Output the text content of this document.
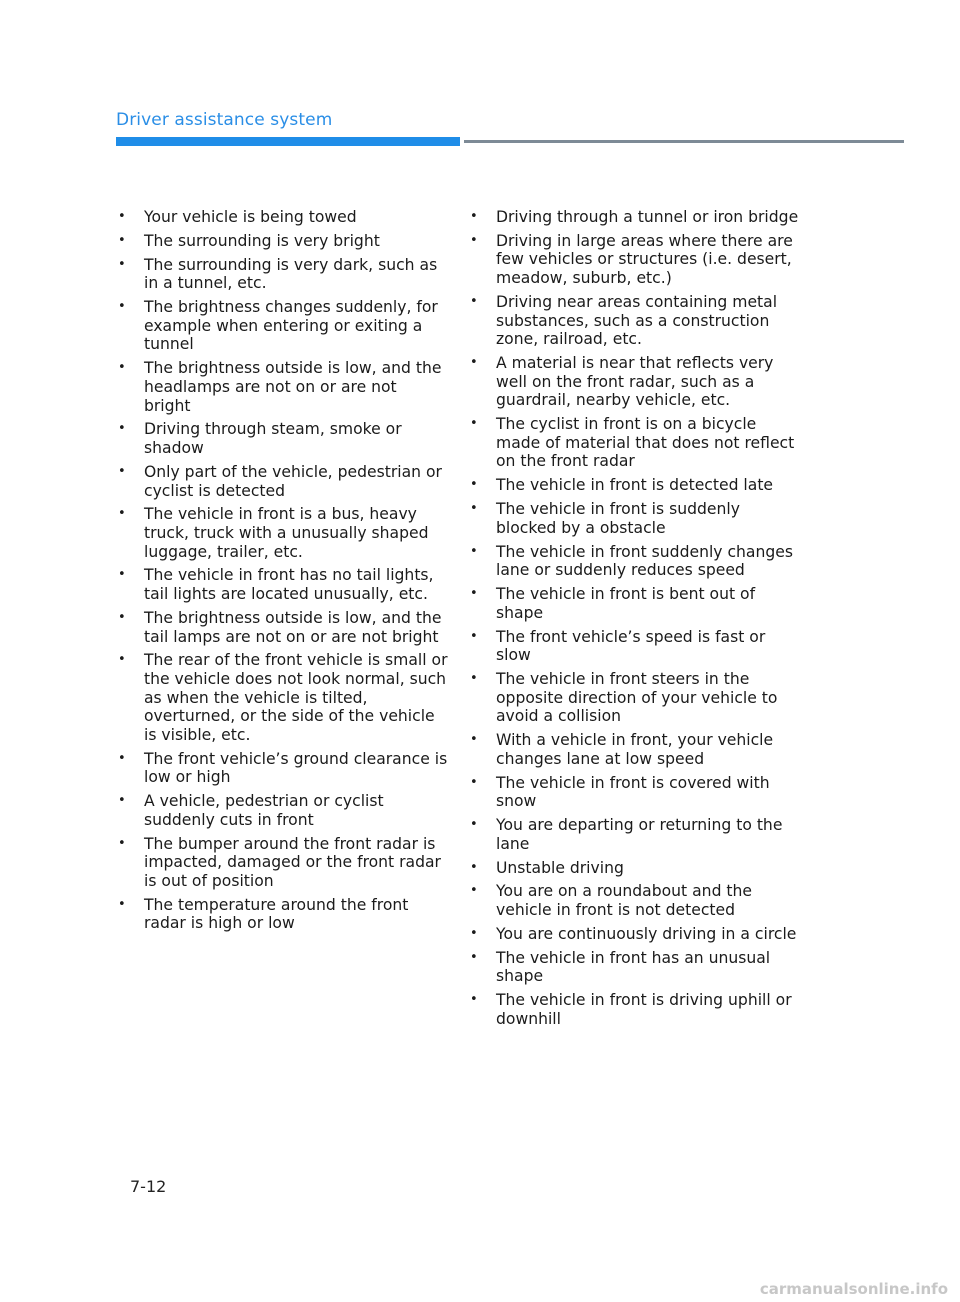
Driver assistance system
•	Your vehicle is being towed
•	The surrounding is very bright
•	The surrounding is very dark, such as in a tunnel, etc.
•	The brightness changes suddenly, for example when entering or exiting a tunnel
•	The brightness outside is low, and the headlamps are not on or are not bright
•	Driving through steam, smoke or shadow
•	Only part of the vehicle, pedestrian or cyclist is detected
•	The vehicle in front is a bus, heavy truck, truck with a unusually shaped luggage, trailer, etc.
•	The vehicle in front has no tail lights, tail lights are located unusually, etc.
•	The brightness outside is low, and the tail lamps are not on or are not bright
•	The rear of the front vehicle is small or the vehicle does not look normal, such as when the vehicle is tilted, overturned, or the side of the vehicle is visible, etc.
•	The front vehicle’s ground clearance is low or high
•	A vehicle, pedestrian or cyclist suddenly cuts in front
•	The bumper around the front radar is impacted, damaged or the front radar is out of position
•	The temperature around the front radar is high or low
•	Driving through a tunnel or iron bridge
•	Driving in large areas where there are few vehicles or structures (i.e. desert, meadow, suburb, etc.)
•	Driving near areas containing metal substances, such as a construction zone, railroad, etc.
•	A material is near that reflects very well on the front radar, such as a guardrail, nearby vehicle, etc.
•	The cyclist in front is on a bicycle made of material that does not reflect on the front radar
•	The vehicle in front is detected late
•	The vehicle in front is suddenly blocked by a obstacle
•	The vehicle in front suddenly changes lane or suddenly reduces speed
•	The vehicle in front is bent out of shape
•	The front vehicle’s speed is fast or slow
•	The vehicle in front steers in the opposite direction of your vehicle to avoid a collision
•	With a vehicle in front, your vehicle changes lane at low speed
•	The vehicle in front is covered with snow
•	You are departing or returning to the lane
•	Unstable driving
•	You are on a roundabout and the vehicle in front is not detected
•	You are continuously driving in a circle
•	The vehicle in front has an unusual shape
•	The vehicle in front is driving uphill or downhill
7-12
carmanualsonline.info
